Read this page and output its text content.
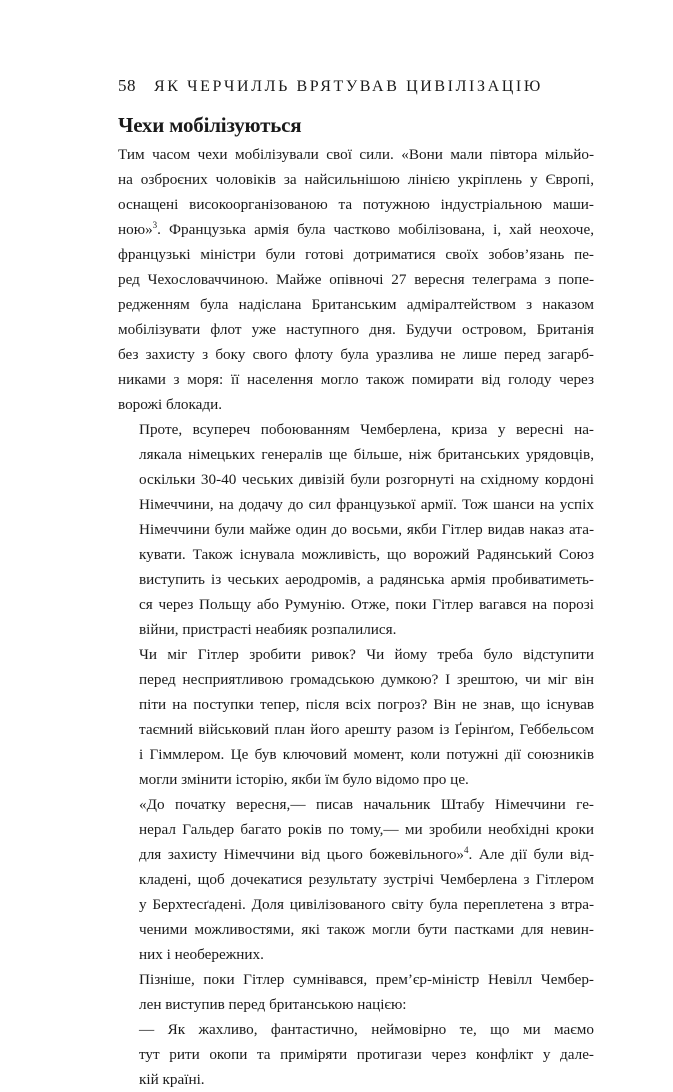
58	ЯК ЧЕРЧИЛЛЬ ВРЯТУВАВ ЦИВІЛІЗАЦІЮ
Чехи мобілізуються

Тим часом чехи мобілізували свої сили. «Вони мали півтора мільйо-
на озброєних чоловіків за найсильнішою лінією укріплень у Європі,
оснащені високоорганізованою та потужною індустріальною маши-
ною»$^3$. Французька армія була частково мобілізована, і, хай неохоче,
французькі міністри були готові дотриматися своїх зобов’язань пе-
ред Чехословаччиною. Майже опівночі 27 вересня телеграма з попе-
редженням була надіслана Британським адміралтейством з наказом
мобілізувати флот уже наступного дня. Будучи островом, Британія
без захисту з боку свого флоту була уразлива не лише перед загарб-
никами з моря: її населення могло також помирати від голоду через
ворожі блокади.

Проте, всупереч побоюванням Чемберлена, криза у вересні на-
лякала німецьких генералів ще більше, ніж британських урядовців,
оскільки 30-40 чеських дивізій були розгорнуті на східному кордоні
Німеччини, на додачу до сил французької армії. Тож шанси на успіх
Німеччини були майже один до восьми, якби Гітлер видав наказ ата-
кувати. Також існувала можливість, що ворожий Радянський Союз
виступить із чеських аеродромів, а радянська армія пробиватиметь-
ся через Польщу або Румунію. Отже, поки Гітлер вагався на порозі
війни, пристрасті неабияк розпалилися.

Чи міг Гітлер зробити ривок? Чи йому треба було відступити
перед несприятливою громадською думкою? І зрештою, чи міг він
піти на поступки тепер, після всіх погроз? Він не знав, що існував
таємний військовий план його арешту разом із Ґерінґом, Геббельсом
і Гіммлером. Це був ключовий момент, коли потужні дії союзників
могли змінити історію, якби їм було відомо про це.

«До початку вересня,— писав начальник Штабу Німеччини ге-
нерал Гальдер багато років по тому,— ми зробили необхідні кроки
для захисту Німеччини від цього божевільного»$^4$. Але дії були від-
кладені, щоб дочекатися результату зустрічі Чемберлена з Гітлером
у Берхтесґадені. Доля цивілізованого світу була переплетена з втра-
ченими можливостями, які також могли бути пастками для невин-
них і необережних.

Пізніше, поки Гітлер сумнівався, прем’єр-міністр Невілл Чембер-
лен виступив перед британською нацією:

— Як жахливо, фантастично, неймовірно те, що ми маємо
тут рити окопи та приміряти протигази через конфлікт у дале-
кій країні.
